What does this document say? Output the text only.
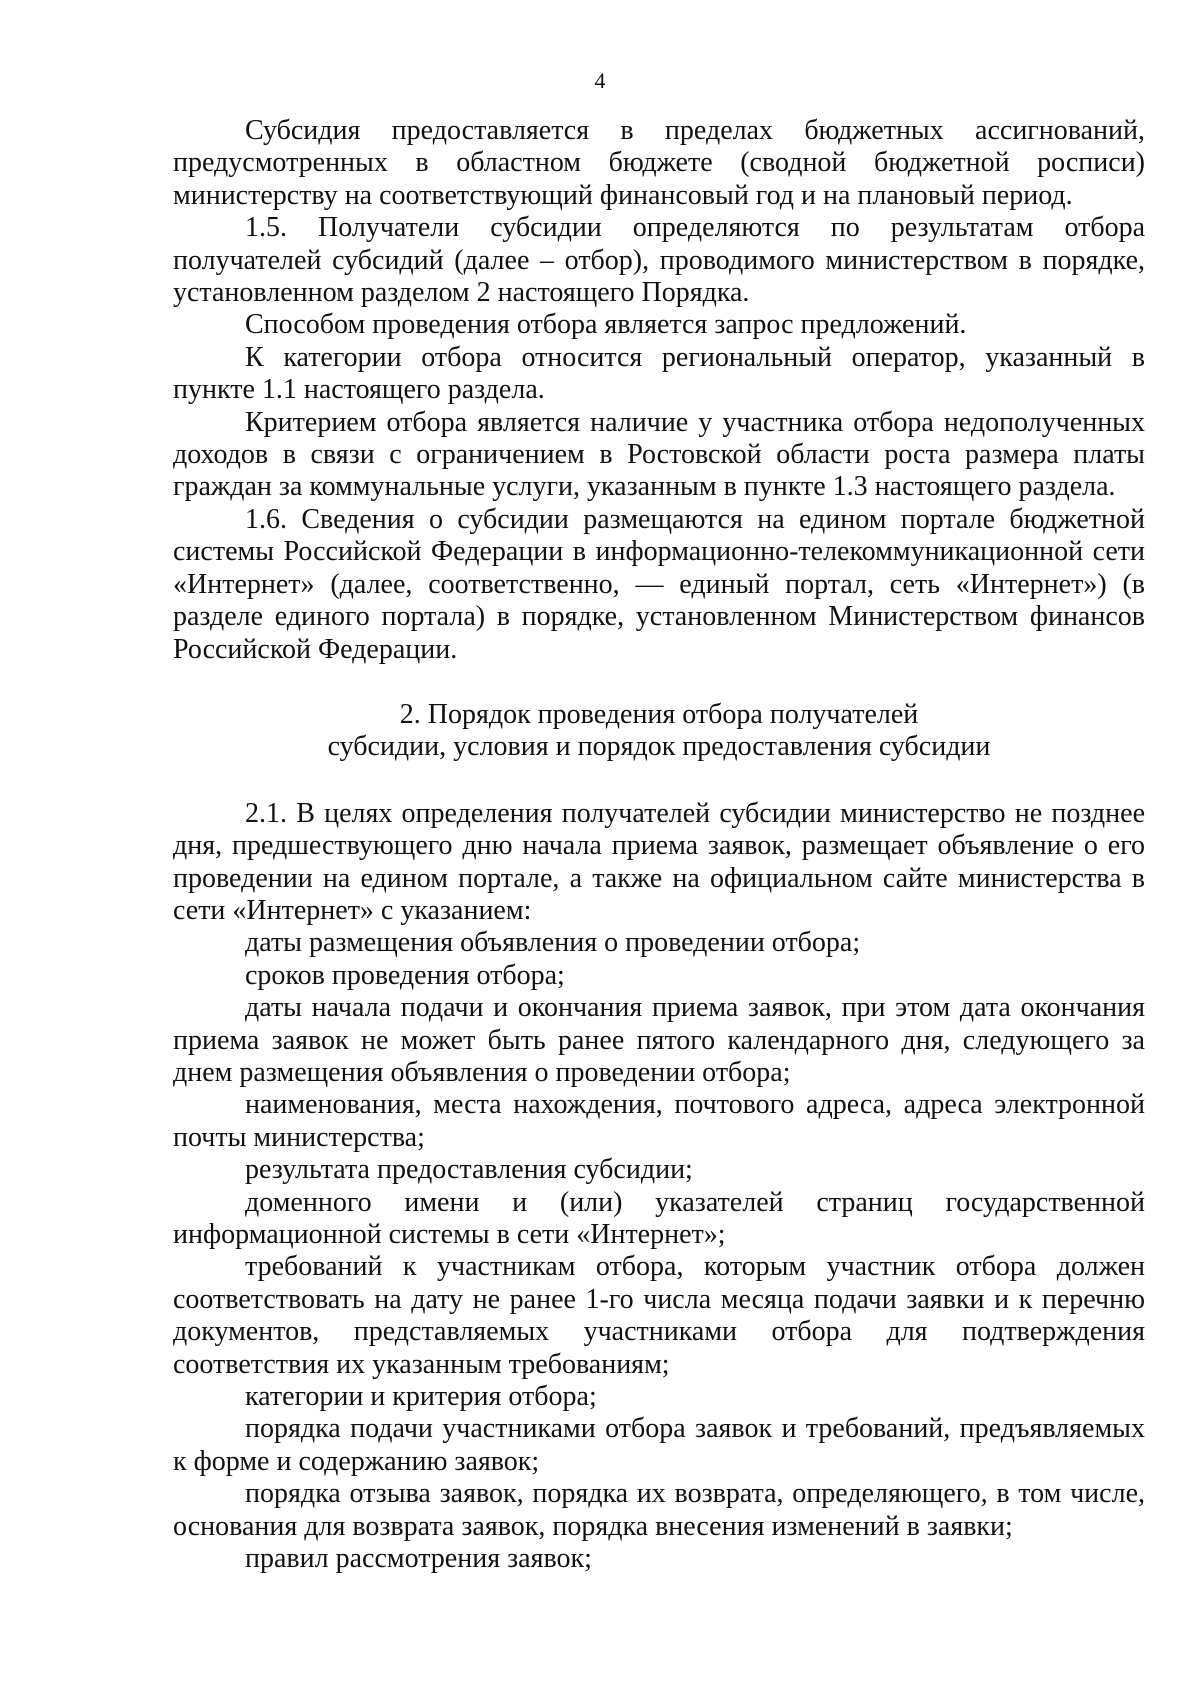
4

Субсидия предоставляется в пределах бюджетных ассигнований, предусмотренных в областном бюджете (сводной бюджетной росписи) министерству на соответствующий финансовый год и на плановый период.

1.5. Получатели субсидии определяются по результатам отбора получателей субсидий (далее – отбор), проводимого министерством в порядке, установленном разделом 2 настоящего Порядка.

Способом проведения отбора является запрос предложений.

К категории отбора относится региональный оператор, указанный в пункте 1.1 настоящего раздела.

Критерием отбора является наличие у участника отбора недополученных доходов в связи с ограничением в Ростовской области роста размера платы граждан за коммунальные услуги, указанным в пункте 1.3 настоящего раздела.

1.6. Сведения о субсидии размещаются на едином портале бюджетной системы Российской Федерации в информационно-телекоммуникационной сети «Интернет» (далее, соответственно, — единый портал, сеть «Интернет») (в разделе единого портала) в порядке, установленном Министерством финансов Российской Федерации.

2. Порядок проведения отбора получателей
субсидии, условия и порядок предоставления субсидии

2.1. В целях определения получателей субсидии министерство не позднее дня, предшествующего дню начала приема заявок, размещает объявление о его проведении на едином портале, а также на официальном сайте министерства в сети «Интернет» с указанием:

даты размещения объявления о проведении отбора;

сроков проведения отбора;

даты начала подачи и окончания приема заявок, при этом дата окончания приема заявок не может быть ранее пятого календарного дня, следующего за днем размещения объявления о проведении отбора;

наименования, места нахождения, почтового адреса, адреса электронной почты министерства;

результата предоставления субсидии;

доменного имени и (или) указателей страниц государственной информационной системы в сети «Интернет»;

требований к участникам отбора, которым участник отбора должен соответствовать на дату не ранее 1-го числа месяца подачи заявки и к перечню документов, представляемых участниками отбора для подтверждения соответствия их указанным требованиям;

категории и критерия отбора;

порядка подачи участниками отбора заявок и требований, предъявляемых к форме и содержанию заявок;

порядка отзыва заявок, порядка их возврата, определяющего, в том числе, основания для возврата заявок, порядка внесения изменений в заявки;

правил рассмотрения заявок;
